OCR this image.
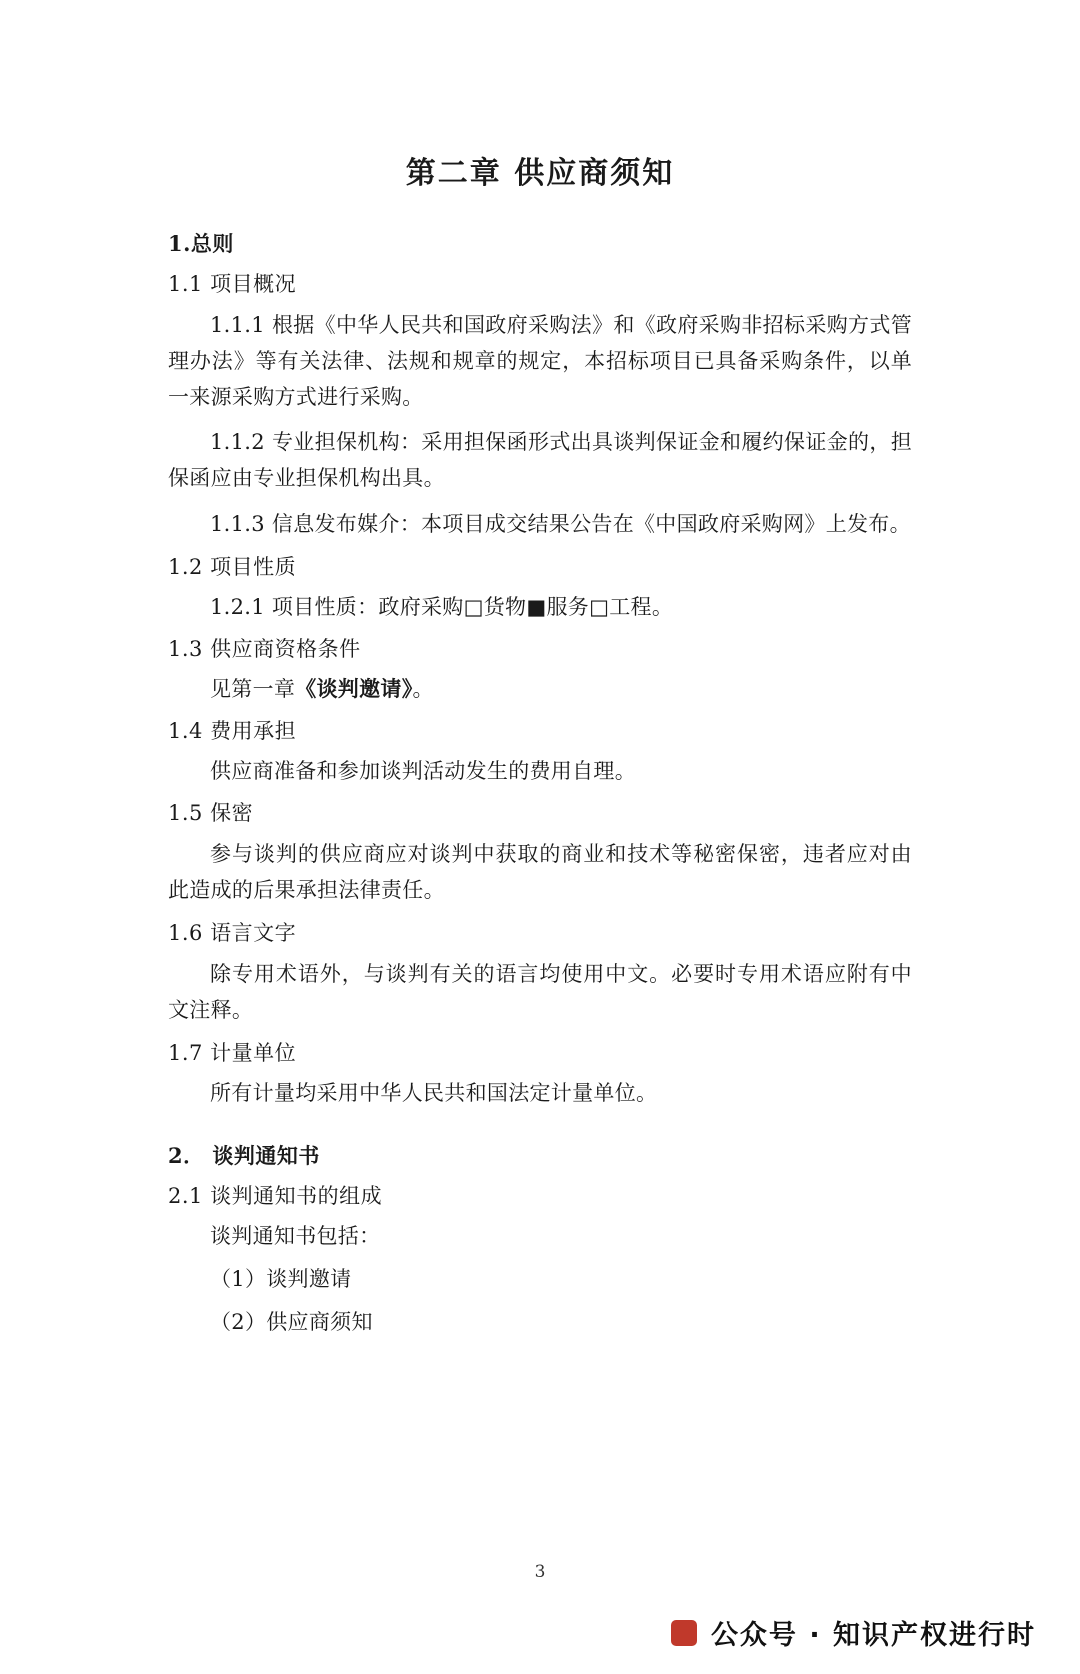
第二章 供应商须知
1.总则
1.1 项目概况

1.1.1 根据《中华人民共和国政府采购法》和《政府采购非招标采购方式管理办法》等有关法律、法规和规章的规定，本招标项目已具备采购条件，以单一来源采购方式进行采购。

1.1.2 专业担保机构：采用担保函形式出具谈判保证金和履约保证金的，担保函应由专业担保机构出具。

1.1.3 信息发布媒介：本项目成交结果公告在《中国政府采购网》上发布。

1.2 项目性质

1.2.1 项目性质：政府采购□货物■服务□工程。

1.3 供应商资格条件

见第一章《谈判邀请》。

1.4 费用承担

供应商准备和参加谈判活动发生的费用自理。

1.5 保密

参与谈判的供应商应对谈判中获取的商业和技术等秘密保密，违者应对由此造成的后果承担法律责任。

1.6 语言文字

除专用术语外，与谈判有关的语言均使用中文。必要时专用术语应附有中文注释。

1.7 计量单位

所有计量均采用中华人民共和国法定计量单位。

2． 谈判通知书
2.1 谈判通知书的组成

谈判通知书包括：

（1）谈判邀请

（2）供应商须知

3
公众号 · 知识产权进行时
